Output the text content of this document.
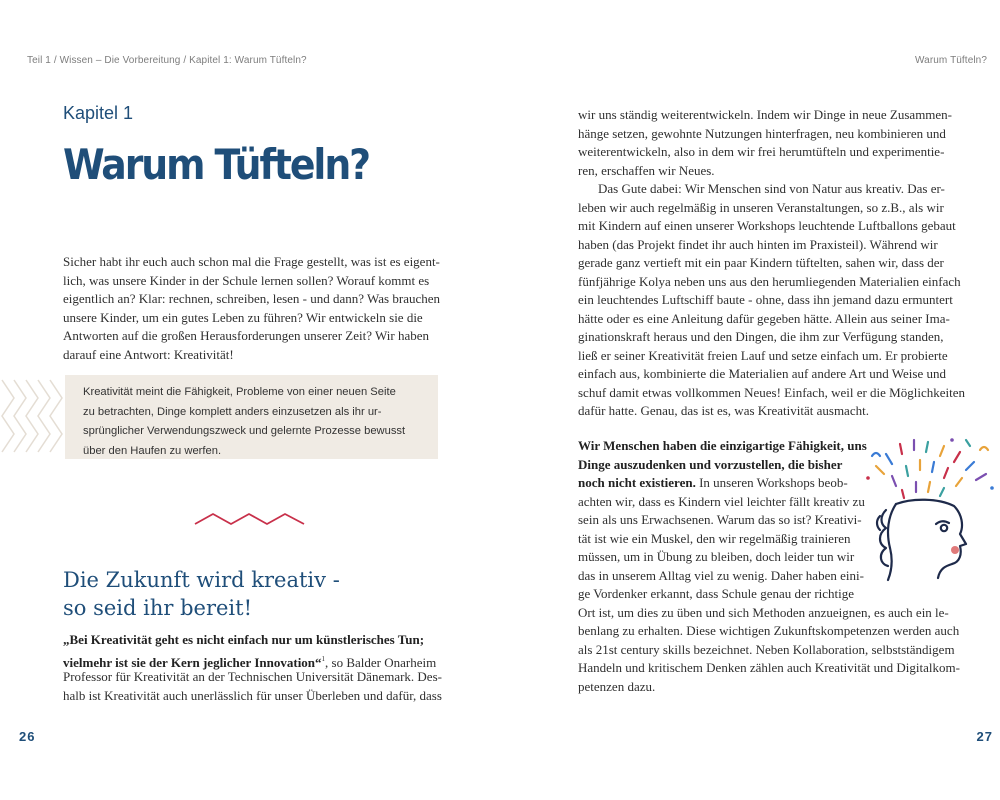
Teil 1 / Wissen – Die Vorbereitung / Kapitel 1: Warum Tüfteln?	Warum Tüfteln?
Kapitel 1
Warum Tüfteln?
Sicher habt ihr euch auch schon mal die Frage gestellt, was ist es eigent-
lich, was unsere Kinder in der Schule lernen sollen? Worauf kommt es
eigentlich an? Klar: rechnen, schreiben, lesen - und dann? Was brauchen
unsere Kinder, um ein gutes Leben zu führen? Wir entwickeln sie die
Antworten auf die großen Herausforderungen unserer Zeit? Wir haben
darauf eine Antwort: Kreativität!
Kreativität meint die Fähigkeit, Probleme von einer neuen Seite
zu betrachten, Dinge komplett anders einzusetzen als ihr ur-
sprünglicher Verwendungszweck und gelernte Prozesse bewusst
über den Haufen zu werfen.
Die Zukunft wird kreativ -
so seid ihr bereit!
„Bei Kreativität geht es nicht einfach nur um künstlerisches Tun;
vielmehr ist sie der Kern jeglicher Innovation“$^1$, so Balder Onarheim
Professor für Kreativität an der Technischen Universität Dänemark. Des-
halb ist Kreativität auch unerlässlich für unser Überleben und dafür, dass
26
wir uns ständig weiterentwickeln. Indem wir Dinge in neue Zusammen-
hänge setzen, gewohnte Nutzungen hinterfragen, neu kombinieren und
weiterentwickeln, also in dem wir frei herumtüfteln und experimentie-
ren, erschaffen wir Neues.
Das Gute dabei: Wir Menschen sind von Natur aus kreativ. Das er-
leben wir auch regelmäßig in unseren Veranstaltungen, so z.B., als wir
mit Kindern auf einen unserer Workshops leuchtende Luftballons gebaut
haben (das Projekt findet ihr auch hinten im Praxisteil). Während wir
gerade ganz vertieft mit ein paar Kindern tüftelten, sahen wir, dass der
fünfjährige Kolya neben uns aus den herumliegenden Materialien einfach
ein leuchtendes Luftschiff baute - ohne, dass ihn jemand dazu ermuntert
hätte oder es eine Anleitung dafür gegeben hätte. Allein aus seiner Ima-
ginationskraft heraus und den Dingen, die ihm zur Verfügung standen,
ließ er seiner Kreativität freien Lauf und setze einfach um. Er probierte
einfach aus, kombinierte die Materialien auf andere Art und Weise und
schuf damit etwas vollkommen Neues! Einfach, weil er die Möglichkeiten
dafür hatte. Genau, das ist es, was Kreativität ausmacht.
Wir Menschen haben die einzigartige Fähigkeit, uns
Dinge auszudenken und vorzustellen, die bisher
noch nicht existieren. In unseren Workshops beob-
achten wir, dass es Kindern viel leichter fällt kreativ zu
sein als uns Erwachsenen. Warum das so ist? Kreativi-
tät ist wie ein Muskel, den wir regelmäßig trainieren
müssen, um in Übung zu bleiben, doch leider tun wir
das in unserem Alltag viel zu wenig. Daher haben eini-
ge Vordenker erkannt, dass Schule genau der richtige
Ort ist, um dies zu üben und sich Methoden anzueignen, es auch ein le-
benlang zu erhalten. Diese wichtigen Zukunftskompetenzen werden auch
als 21st century skills bezeichnet. Neben Kollaboration, selbstständigem
Handeln und kritischem Denken zählen auch Kreativität und Digitalkom-
petenzen dazu.
27
